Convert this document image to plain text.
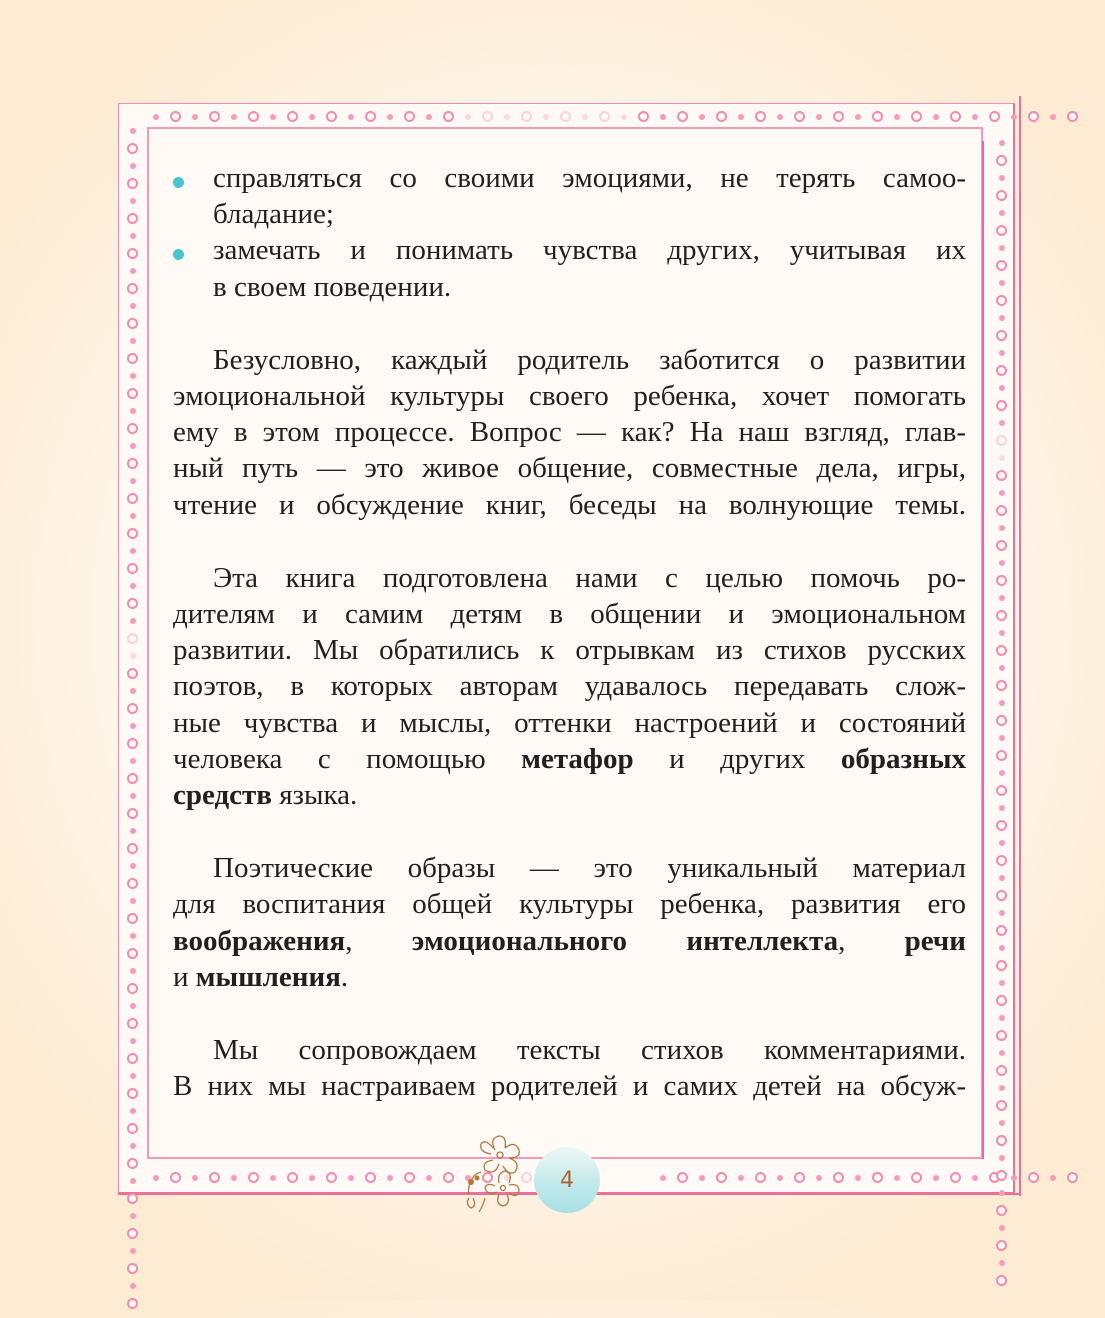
справляться со своими эмоциями, не терять самоо-
бладание;
замечать и понимать чувства других, учитывая их
в своем поведении.

Безусловно, каждый родитель заботится о развитии
эмоциональной культуры своего ребенка, хочет помогать
ему в этом процессе. Вопрос — как? На наш взгляд, глав-
ный путь — это живое общение, совместные дела, игры,
чтение и обсуждение книг, беседы на волнующие темы.

Эта книга подготовлена нами с целью помочь ро-
дителям и самим детям в общении и эмоциональном
развитии. Мы обратились к отрывкам из стихов русских
поэтов, в которых авторам удавалось передавать слож-
ные чувства и мыслы, оттенки настроений и состояний
человека с помощью метафор и других образных
средств языка.

Поэтические образы — это уникальный материал
для воспитания общей культуры ребенка, развития его
воображения, эмоционального интеллекта, речи
и мышления.

Мы сопровождаем тексты стихов комментариями.
В них мы настраиваем родителей и самих детей на обсуж-

4
